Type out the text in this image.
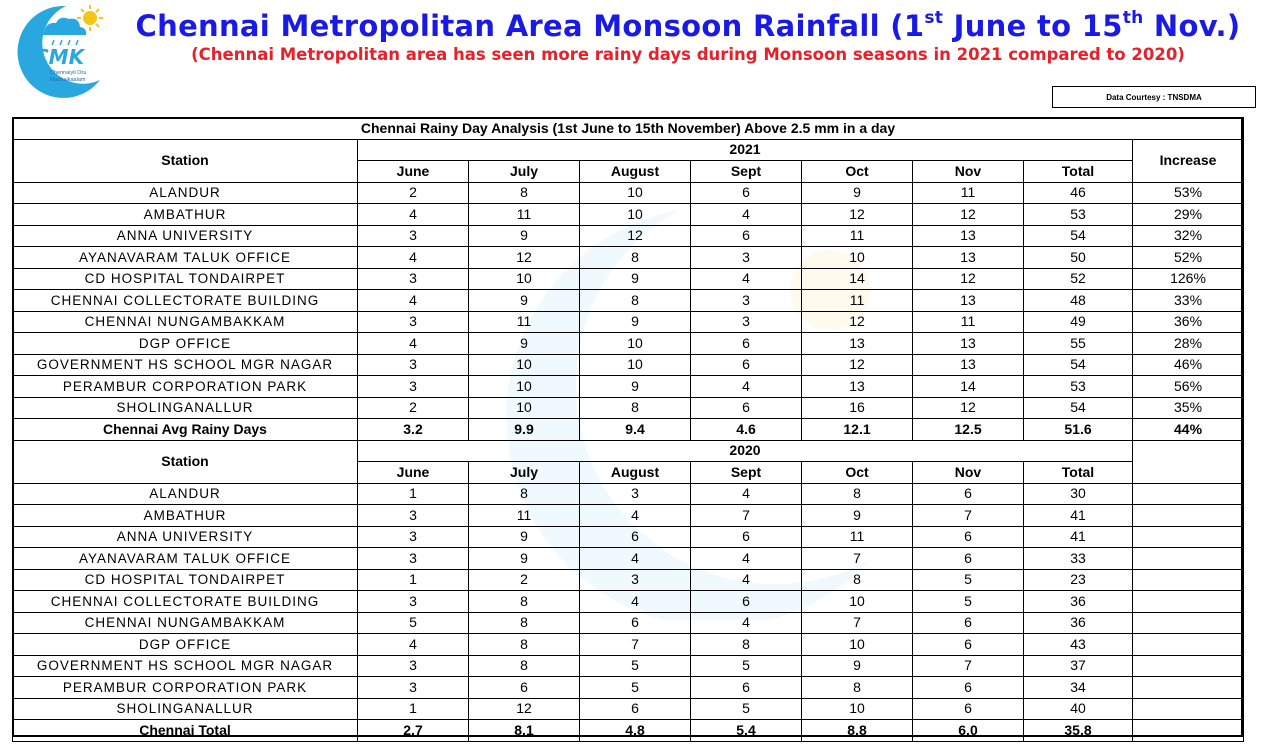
CMK
Chennaiyil Oru
Mazhaikaalam
Chennai Metropolitan Area Monsoon Rainfall (1st June to 15th Nov.)
(Chennai Metropolitan area has seen more rainy days during Monsoon seasons in 2021 compared to 2020)
Data Courtesy : TNSDMA
Chennai Rainy Day Analysis (1st June to 15th November) Above 2.5 mm in a day								
Station	2021							Increase
	June	July	August	Sept	Oct	Nov	Total	
ALANDUR	2	8	10	6	9	11	46	53%
AMBATHUR	4	11	10	4	12	12	53	29%
ANNA UNIVERSITY	3	9	12	6	11	13	54	32%
AYANAVARAM TALUK OFFICE	4	12	8	3	10	13	50	52%
CD HOSPITAL TONDAIRPET	3	10	9	4	14	12	52	126%
CHENNAI COLLECTORATE BUILDING	4	9	8	3	11	13	48	33%
CHENNAI NUNGAMBAKKAM	3	11	9	3	12	11	49	36%
DGP OFFICE	4	9	10	6	13	13	55	28%
GOVERNMENT HS SCHOOL MGR NAGAR	3	10	10	6	12	13	54	46%
PERAMBUR CORPORATION PARK	3	10	9	4	13	14	53	56%
SHOLINGANALLUR	2	10	8	6	16	12	54	35%
Chennai Avg Rainy Days	3.2	9.9	9.4	4.6	12.1	12.5	51.6	44%
Station	2020							
	June	July	August	Sept	Oct	Nov	Total	
ALANDUR	1	8	3	4	8	6	30	
AMBATHUR	3	11	4	7	9	7	41	
ANNA UNIVERSITY	3	9	6	6	11	6	41	
AYANAVARAM TALUK OFFICE	3	9	4	4	7	6	33	
CD HOSPITAL TONDAIRPET	1	2	3	4	8	5	23	
CHENNAI COLLECTORATE BUILDING	3	8	4	6	10	5	36	
CHENNAI NUNGAMBAKKAM	5	8	6	4	7	6	36	
DGP OFFICE	4	8	7	8	10	6	43	
GOVERNMENT HS SCHOOL MGR NAGAR	3	8	5	5	9	7	37	
PERAMBUR CORPORATION PARK	3	6	5	6	8	6	34	
SHOLINGANALLUR	1	12	6	5	10	6	40	
Chennai Total	2.7	8.1	4.8	5.4	8.8	6.0	35.8	
